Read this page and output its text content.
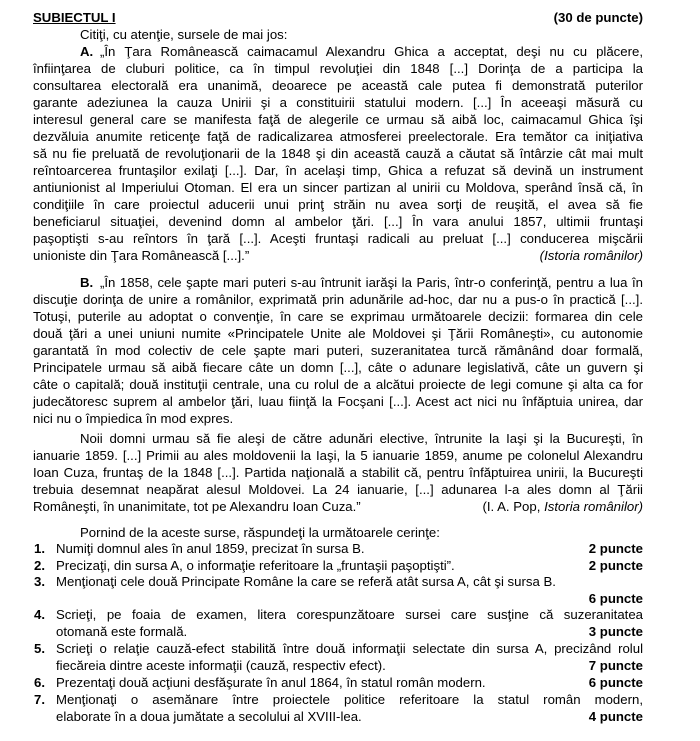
SUBIECTUL I	(30 de puncte)
Citiţi, cu atenţie, sursele de mai jos:
A. „În Ţara Românească caimacamul Alexandru Ghica a acceptat, deşi nu cu plăcere,
înfiinţarea de cluburi politice, ca în timpul revoluţiei din 1848 [...] Dorinţa de a participa la
consultarea electorală era unanimă, deoarece pe această cale putea fi demonstrată puterilor
garante adeziunea la cauza Unirii şi a constituirii statului modern. [...] În aceeaşi măsură cu
interesul general care se manifesta faţă de alegerile ce urmau să aibă loc, caimacamul Ghica îşi
dezvăluia anumite reticenţe faţă de radicalizarea atmosferei preelectorale. Era temător ca iniţiativa
să nu fie preluată de revoluţionarii de la 1848 şi din această cauză a căutat să întârzie cât mai mult
reîntoarcerea fruntaşilor exilaţi [...]. Dar, în acelaşi timp, Ghica a refuzat să devină un instrument
antiunionist al Imperiului Otoman. El era un sincer partizan al unirii cu Moldova, sperând însă că, în
condiţiile în care proiectul aducerii unui prinţ străin nu avea sorţi de reuşită, el avea să fie
beneficiarul situaţiei, devenind domn al ambelor ţări. [...] În vara anului 1857, ultimii fruntaşi
paşoptişti s-au reîntors în ţară [...]. Aceşti fruntaşi radicali au preluat [...] conducerea mişcării
unioniste din Ţara Românească [...].”	(Istoria românilor)
B. „În 1858, cele şapte mari puteri s-au întrunit iarăşi la Paris, într-o conferinţă, pentru a lua în
discuţie dorinţa de unire a românilor, exprimată prin adunările ad-hoc, dar nu a pus-o în practică [...].
Totuşi, puterile au adoptat o convenţie, în care se exprimau următoarele decizii: formarea din cele
două ţări a unei uniuni numite «Principatele Unite ale Moldovei şi Ţării Româneşti», cu autonomie
garantată în mod colectiv de cele şapte mari puteri, suzeranitatea turcă rămânând doar formală,
Principatele urmau să aibă fiecare câte un domn [...], câte o adunare legislativă, câte un guvern şi
câte o capitală; două instituţii centrale, una cu rolul de a alcătui proiecte de legi comune şi alta ca for
judecătoresc suprem al ambelor ţări, luau fiinţă la Focşani [...]. Acest act nici nu înfăptuia unirea, dar
nici nu o împiedica în mod expres.
Noii domni urmau să fie aleşi de către adunări elective, întrunite la Iaşi şi la Bucureşti, în
ianuarie 1859. [...] Primii au ales moldovenii la Iaşi, la 5 ianuarie 1859, anume pe colonelul Alexandru
Ioan Cuza, fruntaş de la 1848 [...]. Partida naţională a stabilit că, pentru înfăptuirea unirii, la Bucureşti
trebuia desemnat neapărat alesul Moldovei. La 24 ianuarie, [...] adunarea l-a ales domn al Ţării
Româneşti, în unanimitate, tot pe Alexandru Ioan Cuza.”	(I. A. Pop, Istoria românilor)
Pornind de la aceste surse, răspundeţi la următoarele cerinţe:
1. Numiţi domnul ales în anul 1859, precizat în sursa B.	2 puncte
2. Precizaţi, din sursa A, o informaţie referitoare la „fruntaşii paşoptişti”.	2 puncte
3. Menţionaţi cele două Principate Române la care se referă atât sursa A, cât şi sursa B.
6 puncte
4. Scrieţi, pe foaia de examen, litera corespunzătoare sursei care susţine că suzeranitatea
otomană este formală.	3 puncte
5. Scrieţi o relaţie cauză-efect stabilită între două informaţii selectate din sursa A, precizând rolul
fiecăreia dintre aceste informaţii (cauză, respectiv efect).	7 puncte
6. Prezentaţi două acţiuni desfăşurate în anul 1864, în statul român modern.	6 puncte
7. Menţionaţi o asemănare între proiectele politice referitoare la statul român modern,
elaborate în a doua jumătate a secolului al XVIII-lea.	4 puncte
